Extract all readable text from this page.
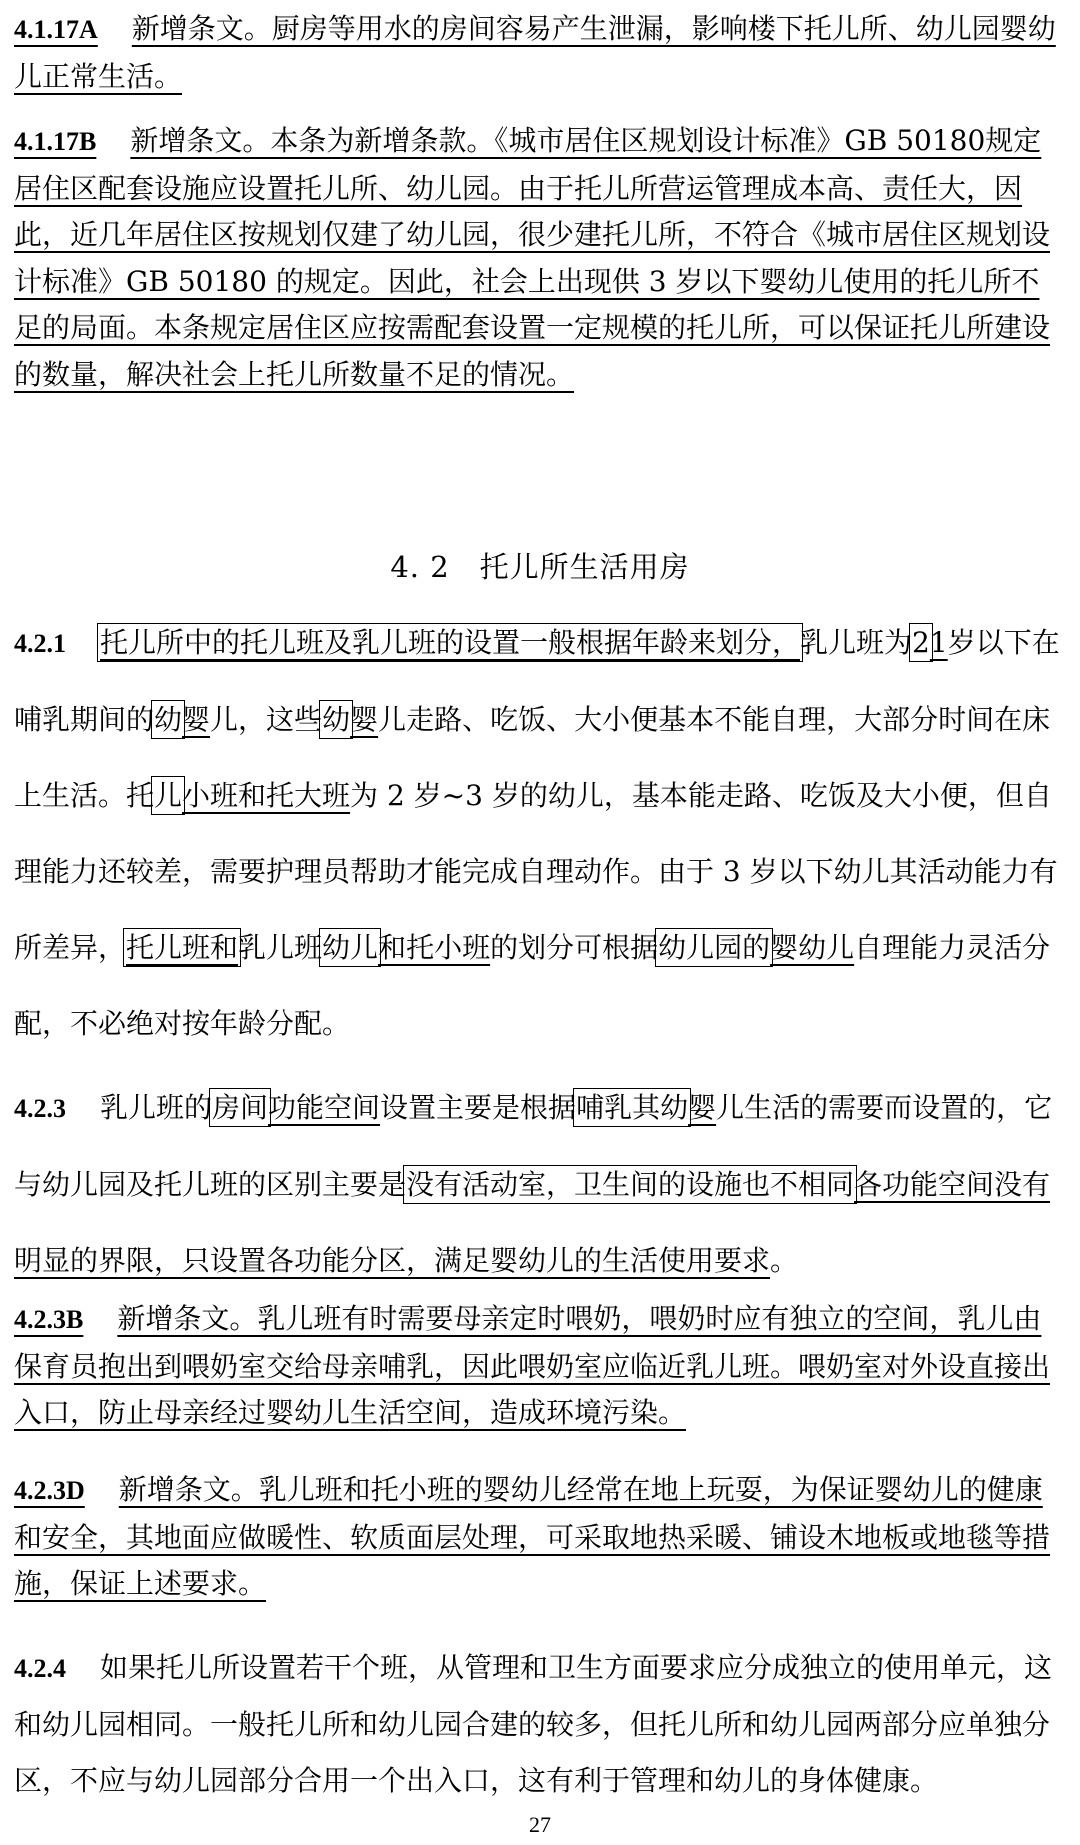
4.1.17A 新增条文。厨房等用水的房间容易产生泄漏，影响楼下托儿所、幼儿园婴幼儿正常生活。

4.1.17B 新增条文。本条为新增条款。《城市居住区规划设计标准》GB 50180规定居住区配套设施应设置托儿所、幼儿园。由于托儿所营运管理成本高、责任大，因此，近几年居住区按规划仅建了幼儿园，很少建托儿所，不符合《城市居住区规划设计标准》GB 50180 的规定。因此，社会上出现供 3 岁以下婴幼儿使用的托儿所不足的局面。本条规定居住区应按需配套设置一定规模的托儿所，可以保证托儿所建设的数量，解决社会上托儿所数量不足的情况。

4. 2　托儿所生活用房

4.2.1 托儿所中的托儿班及乳儿班的设置一般根据年龄来划分，乳儿班为21岁以下在哺乳期间的幼婴儿，这些幼婴儿走路、吃饭、大小便基本不能自理，大部分时间在床上生活。托儿小班和托大班为 2 岁~3 岁的幼儿，基本能走路、吃饭及大小便，但自理能力还较差，需要护理员帮助才能完成自理动作。由于 3 岁以下幼儿其活动能力有所差异，托儿班和乳儿班幼儿和托小班的划分可根据幼儿园的婴幼儿自理能力灵活分配，不必绝对按年龄分配。

4.2.3 乳儿班的房间功能空间设置主要是根据哺乳其幼婴儿生活的需要而设置的，它与幼儿园及托儿班的区别主要是没有活动室，卫生间的设施也不相同各功能空间没有明显的界限，只设置各功能分区，满足婴幼儿的生活使用要求。

4.2.3B 新增条文。乳儿班有时需要母亲定时喂奶，喂奶时应有独立的空间，乳儿由保育员抱出到喂奶室交给母亲哺乳，因此喂奶室应临近乳儿班。喂奶室对外设直接出入口，防止母亲经过婴幼儿生活空间，造成环境污染。

4.2.3D 新增条文。乳儿班和托小班的婴幼儿经常在地上玩耍，为保证婴幼儿的健康和安全，其地面应做暖性、软质面层处理，可采取地热采暖、铺设木地板或地毯等措施，保证上述要求。

4.2.4 如果托儿所设置若干个班，从管理和卫生方面要求应分成独立的使用单元，这和幼儿园相同。一般托儿所和幼儿园合建的较多，但托儿所和幼儿园两部分应单独分区，不应与幼儿园部分合用一个出入口，这有利于管理和幼儿的身体健康。

27
